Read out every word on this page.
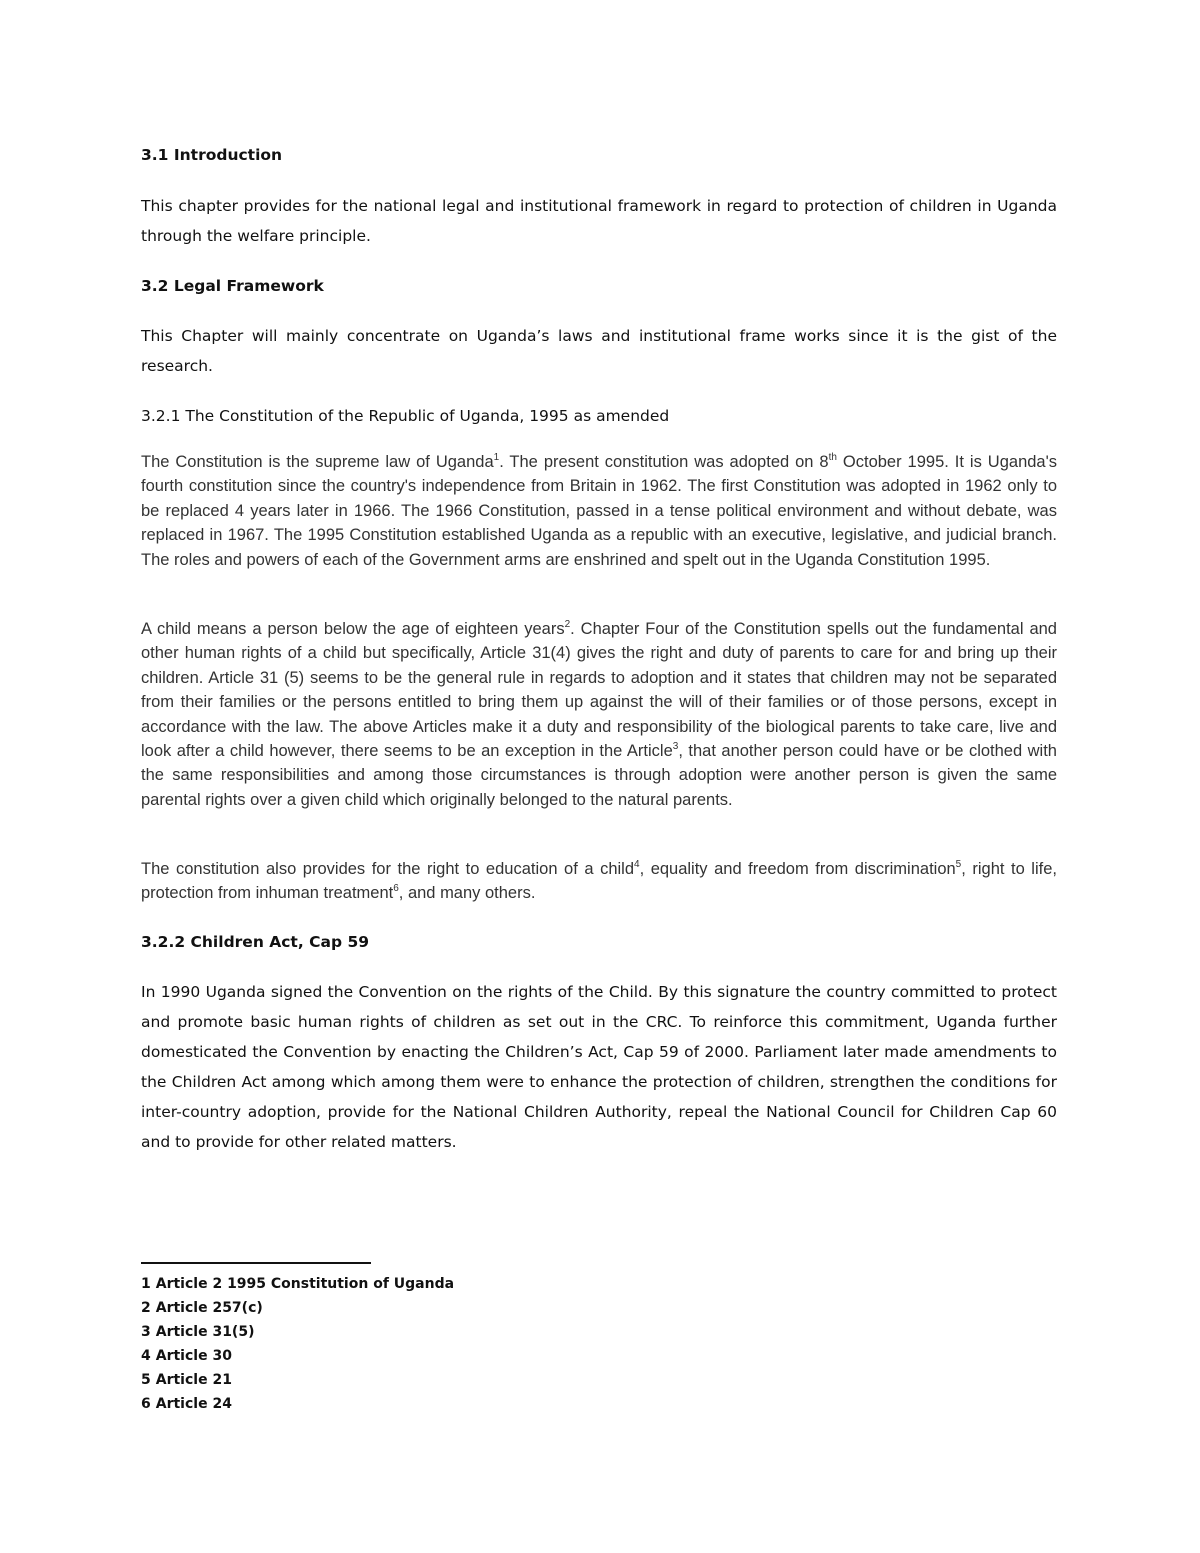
3.1 Introduction

This chapter provides for the national legal and institutional framework in regard to protection of children in Uganda through the welfare principle.

3.2 Legal Framework

This Chapter will mainly concentrate on Uganda’s laws and institutional frame works since it is the gist of the research.

3.2.1 The Constitution of the Republic of Uganda, 1995 as amended

The Constitution is the supreme law of Uganda$^1$. The present constitution was adopted on 8th October 1995. It is Uganda's fourth constitution since the country's independence from Britain in 1962. The first Constitution was adopted in 1962 only to be replaced 4 years later in 1966. The 1966 Constitution, passed in a tense political environment and without debate, was replaced in 1967. The 1995 Constitution established Uganda as a republic with an executive, legislative, and judicial branch. The roles and powers of each of the Government arms are enshrined and spelt out in the Uganda Constitution 1995.

A child means a person below the age of eighteen years$^2$. Chapter Four of the Constitution spells out the fundamental and other human rights of a child but specifically, Article 31(4) gives the right and duty of parents to care for and bring up their children. Article 31 (5) seems to be the general rule in regards to adoption and it states that children may not be separated from their families or the persons entitled to bring them up against the will of their families or of those persons, except in accordance with the law. The above Articles make it a duty and responsibility of the biological parents to take care, live and look after a child however, there seems to be an exception in the Article$^3$, that another person could have or be clothed with the same responsibilities and among those circumstances is through adoption were another person is given the same parental rights over a given child which originally belonged to the natural parents.

The constitution also provides for the right to education of a child$^4$, equality and freedom from discrimination$^5$, right to life, protection from inhuman treatment$^6$, and many others.

3.2.2 Children Act, Cap 59

In 1990 Uganda signed the Convention on the rights of the Child. By this signature the country committed to protect and promote basic human rights of children as set out in the CRC. To reinforce this commitment, Uganda further domesticated the Convention by enacting the Children’s Act, Cap 59 of 2000. Parliament later made amendments to the Children Act among which among them were to enhance the protection of children, strengthen the conditions for inter-country adoption, provide for the National Children Authority, repeal the National Council for Children Cap 60 and to provide for other related matters.

1 Article 2 1995 Constitution of Uganda
2 Article 257(c)
3 Article 31(5)
4 Article 30
5 Article 21
6 Article 24
